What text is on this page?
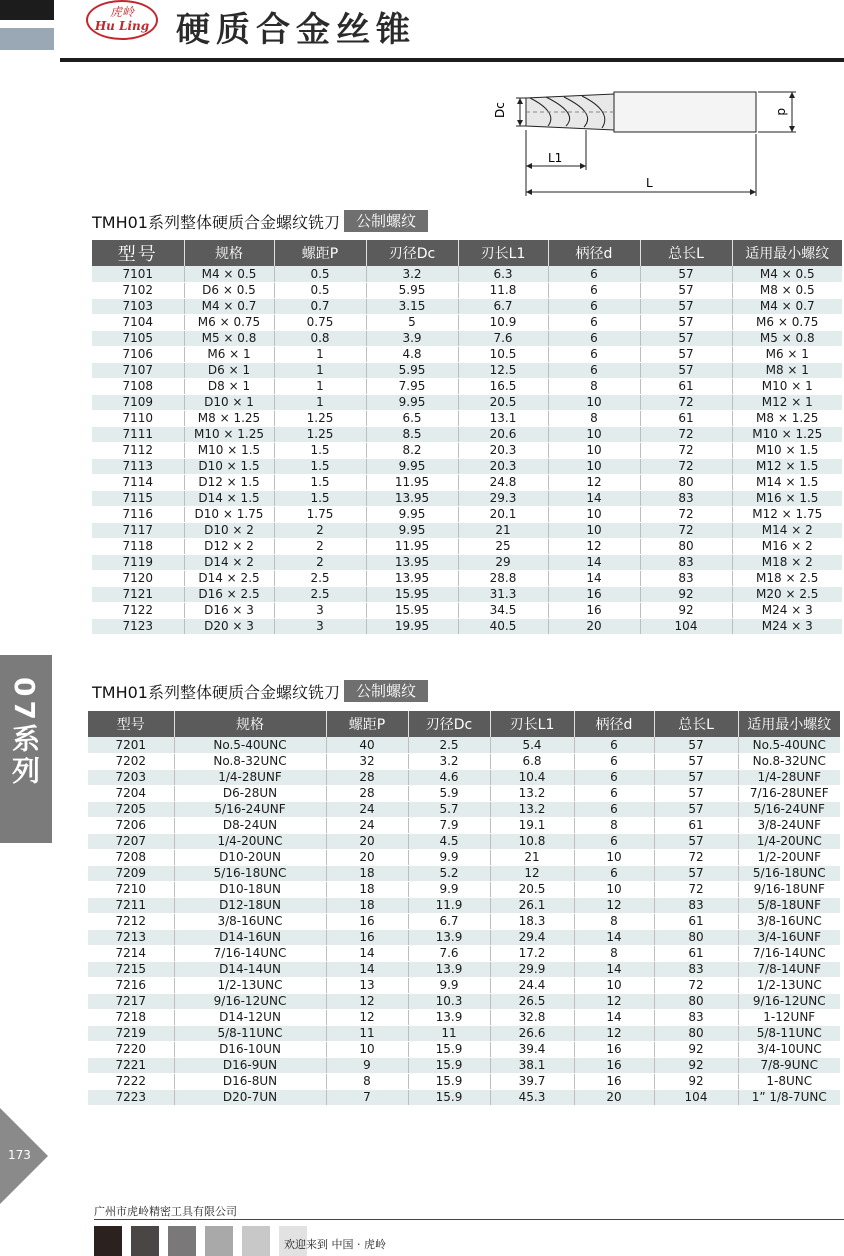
虎岭
Hu Ling 硬质合金丝锥
Dc	d
L1
L
TMH01系列整体硬质合金螺纹铣刀	公制螺纹
型号	规格	螺距P	刃径Dc	刃长L1	柄径d	总长L	适用最小螺纹
7101	M4 × 0.5	0.5	3.2	6.3	6	57	M4 × 0.5
7102	D6 × 0.5	0.5	5.95	11.8	6	57	M8 × 0.5
7103	M4 × 0.7	0.7	3.15	6.7	6	57	M4 × 0.7
7104	M6 × 0.75	0.75	5	10.9	6	57	M6 × 0.75
7105	M5 × 0.8	0.8	3.9	7.6	6	57	M5 × 0.8
7106	M6 × 1	1	4.8	10.5	6	57	M6 × 1
7107	D6 × 1	1	5.95	12.5	6	57	M8 × 1
7108	D8 × 1	1	7.95	16.5	8	61	M10 × 1
7109	D10 × 1	1	9.95	20.5	10	72	M12 × 1
7110	M8 × 1.25	1.25	6.5	13.1	8	61	M8 × 1.25
7111	M10 × 1.25	1.25	8.5	20.6	10	72	M10 × 1.25
7112	M10 × 1.5	1.5	8.2	20.3	10	72	M10 × 1.5
7113	D10 × 1.5	1.5	9.95	20.3	10	72	M12 × 1.5
7114	D12 × 1.5	1.5	11.95	24.8	12	80	M14 × 1.5
7115	D14 × 1.5	1.5	13.95	29.3	14	83	M16 × 1.5
7116	D10 × 1.75	1.75	9.95	20.1	10	72	M12 × 1.75
7117	D10 × 2	2	9.95	21	10	72	M14 × 2
7118	D12 × 2	2	11.95	25	12	80	M16 × 2
7119	D14 × 2	2	13.95	29	14	83	M18 × 2
7120	D14 × 2.5	2.5	13.95	28.8	14	83	M18 × 2.5
7121	D16 × 2.5	2.5	15.95	31.3	16	92	M20 × 2.5
7122	D16 × 3	3	15.95	34.5	16	92	M24 × 3
7123	D20 × 3	3	19.95	40.5	20	104	M24 × 3
TMH01系列整体硬质合金螺纹铣刀	公制螺纹
型号	规格	螺距P	刃径Dc	刃长L1	柄径d	总长L	适用最小螺纹
7201	No.5-40UNC	40	2.5	5.4	6	57	No.5-40UNC
7202	No.8-32UNC	32	3.2	6.8	6	57	No.8-32UNC
7203	1/4-28UNF	28	4.6	10.4	6	57	1/4-28UNF
7204	D6-28UN	28	5.9	13.2	6	57	7/16-28UNEF
7205	5/16-24UNF	24	5.7	13.2	6	57	5/16-24UNF
7206	D8-24UN	24	7.9	19.1	8	61	3/8-24UNF
7207	1/4-20UNC	20	4.5	10.8	6	57	1/4-20UNC
7208	D10-20UN	20	9.9	21	10	72	1/2-20UNF
7209	5/16-18UNC	18	5.2	12	6	57	5/16-18UNC
7210	D10-18UN	18	9.9	20.5	10	72	9/16-18UNF
7211	D12-18UN	18	11.9	26.1	12	83	5/8-18UNF
7212	3/8-16UNC	16	6.7	18.3	8	61	3/8-16UNC
7213	D14-16UN	16	13.9	29.4	14	80	3/4-16UNF
7214	7/16-14UNC	14	7.6	17.2	8	61	7/16-14UNC
7215	D14-14UN	14	13.9	29.9	14	83	7/8-14UNF
7216	1/2-13UNC	13	9.9	24.4	10	72	1/2-13UNC
7217	9/16-12UNC	12	10.3	26.5	12	80	9/16-12UNC
7218	D14-12UN	12	13.9	32.8	14	83	1-12UNF
7219	5/8-11UNC	11	11	26.6	12	80	5/8-11UNC
7220	D16-10UN	10	15.9	39.4	16	92	3/4-10UNC
7221	D16-9UN	9	15.9	38.1	16	92	7/8-9UNC
7222	D16-8UN	8	15.9	39.7	16	92	1-8UNC
7223	D20-7UN	7	15.9	45.3	20	104	1” 1/8-7UNC
07系列
173
广州市虎岭精密工具有限公司
欢迎来到 中国 · 虎岭
